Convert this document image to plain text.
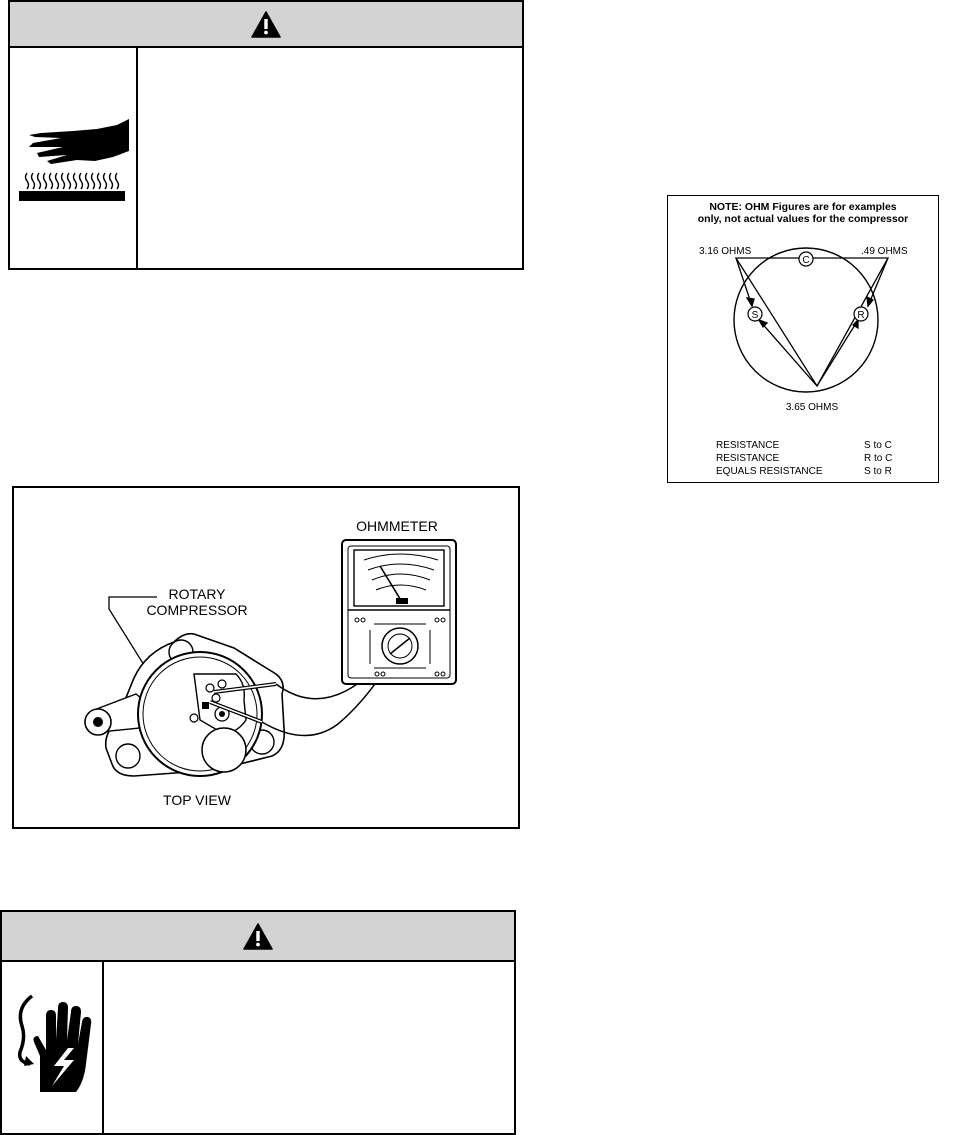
ROTARY
COMPRESSOR
OHMMETER
TOP VIEW
NOTE: OHM Figures are for examples
only, not actual values for the compressor
C
S	R
3.16 OHMS	.49 OHMS
3.65 OHMS
RESISTANCE	S to C
RESISTANCE	R to C
EQUALS RESISTANCE	S to R
